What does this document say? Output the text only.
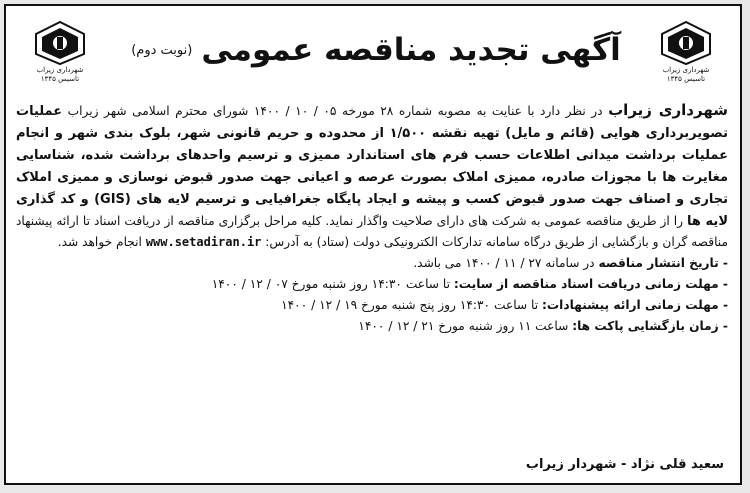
شهرداری زیراب
تاسیس ۱۳۴۵
شهرداری زیراب
تاسیس ۱۳۴۵
آگهی تجدید مناقصه عمومی (نوبت دوم)
شهرداری زیراب در نظر دارد با عنایت به مصوبه شماره ۲۸ مورخه ۰۵ / ۱۰ / ۱۴۰۰ شورای محترم اسلامی شهر زیراب عملیات تصویربرداری هوایی (قائم و مایل) تهیه نقشه ۱/۵۰۰ از محدوده و حریم قانونی شهر، بلوک بندی شهر و انجام عملیات برداشت میدانی اطلاعات حسب فرم های استاندارد ممیزی و ترسیم واحدهای برداشت شده، شناسایی مغایرت ها با مجوزات صادره، ممیزی املاک بصورت عرصه و اعیانی جهت صدور قبوض نوسازی و ممیزی املاک تجاری و اصناف جهت صدور قبوض کسب و پیشه و ایجاد پایگاه جغرافیایی و ترسیم لایه های (GIS) و کد گذاری لایه ها را از طریق مناقصه عمومی به شرکت های دارای صلاحیت واگذار نماید. کلیه مراحل برگزاری مناقصه از دریافت اسناد تا ارائه پیشنهاد مناقصه گران و بازگشایی از طریق درگاه سامانه تدارکات الکترونیکی دولت (ستاد) به آدرس: www.setadiran.ir انجام خواهد شد.
- تاریخ انتشار مناقصه در سامانه ۲۷ / ۱۱ / ۱۴۰۰ می باشد.
- مهلت زمانی دریافت اسناد مناقصه از سایت: تا ساعت ۱۴:۳۰ روز شنبه مورخ ۰۷ / ۱۲ / ۱۴۰۰
- مهلت زمانی ارائه پیشنهادات: تا ساعت ۱۴:۳۰ روز پنج شنبه مورخ ۱۹ / ۱۲ / ۱۴۰۰
- زمان بازگشایی پاکت ها: ساعت ۱۱ روز شنبه مورخ ۲۱ / ۱۲ / ۱۴۰۰
سعید قلی نژاد - شهردار زیراب
